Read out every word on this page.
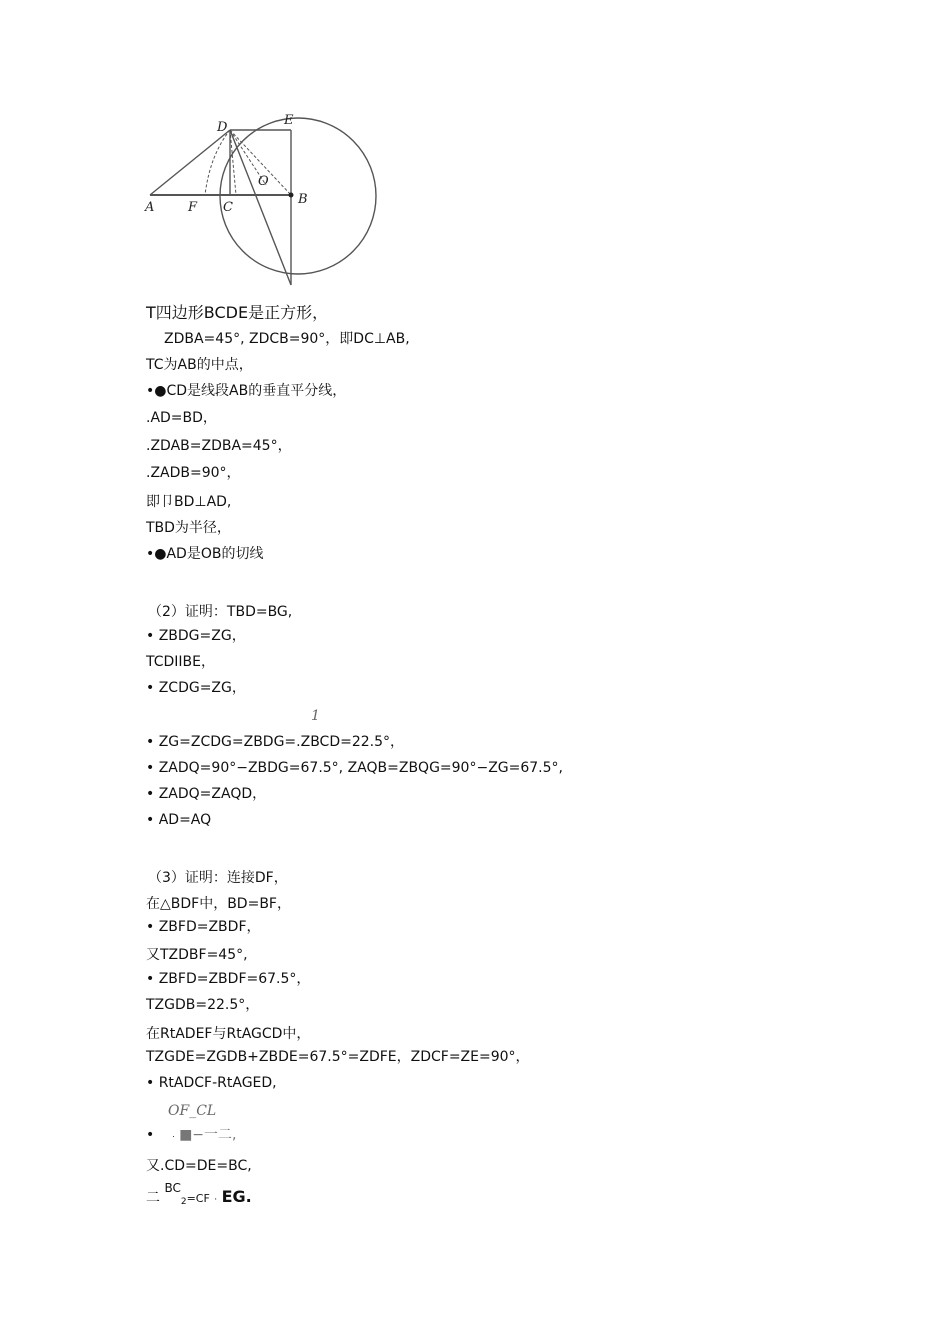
A	F C
B
D	E
O
T四边形BCDE是正方形，
ZDBA=45°, ZDCB=90°，即DC⊥AB,
TC为AB的中点，
•●CD是线段AB的垂直平分线，
.AD=BD，
.ZDAB=ZDBA=45°，
.ZADB=90°，
即卩BD⊥AD,
TBD为半径，
•●AD是OB的切线
（2）证明：TBD=BG,
• ZBDG=ZG，
TCDIIBE，
• ZCDG=ZG，
1
• ZG=ZCDG=ZBDG=.ZBCD=22.5°，
• ZADQ=90°−ZBDG=67.5°, ZAQB=ZBQG=90°−ZG=67.5°,
• ZADQ=ZAQD，
• AD=AQ
（3）证明：连接DF，
在△BDF中，BD=BF，
• ZBFD=ZBDF，
又TZDBF=45°,
• ZBFD=ZBDF=67.5°，
TZGDB=22.5°，
在RtADEF与RtAGCD中，
TZGDE=ZGDB+ZBDE=67.5°=ZDFE，ZDCF=ZE=90°，
• RtADCF-RtAGED,
OF_CL
• . ■−一二,
又.CD=DE=BC,
二 BC2=CF · EG.
